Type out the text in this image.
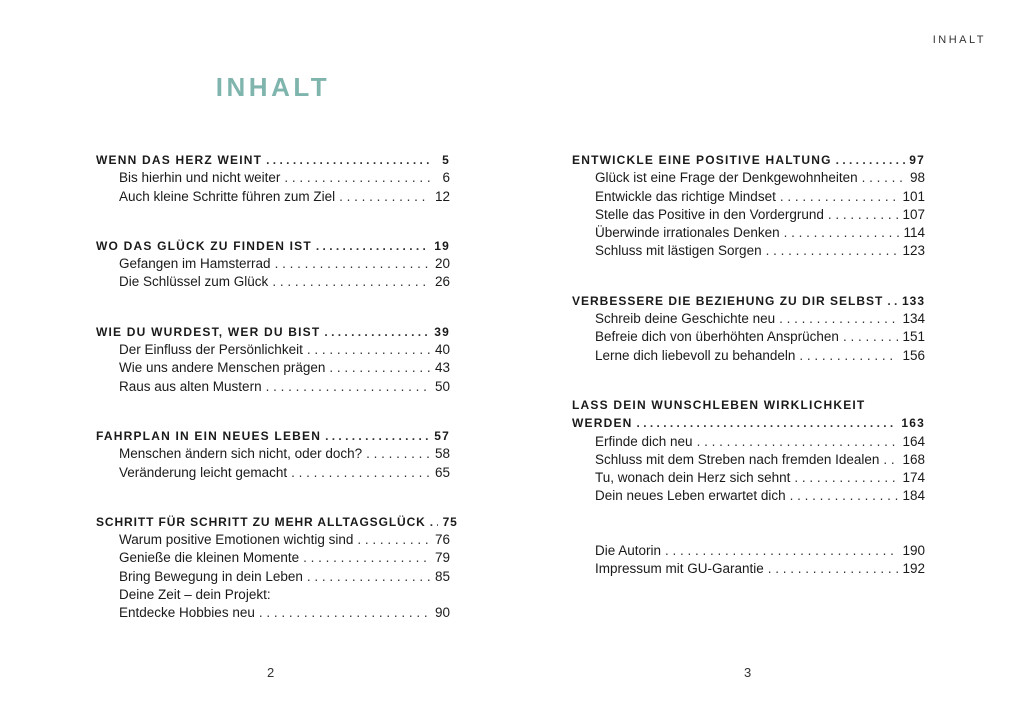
INHALT
INHALT
WENN DAS HERZ WEINT . . .	5
Bis hierhin und nicht weiter . . .	6
Auch kleine Schritte führen zum Ziel . . .	12
WO DAS GLÜCK ZU FINDEN IST . . .	19
Gefangen im Hamsterrad . . .	20
Die Schlüssel zum Glück . . .	26
WIE DU WURDEST, WER DU BIST . . .	39
Der Einfluss der Persönlichkeit . . .	40
Wie uns andere Menschen prägen . . .	43
Raus aus alten Mustern . . .	50
FAHRPLAN IN EIN NEUES LEBEN . . .	57
Menschen ändern sich nicht, oder doch? . . .	58
Veränderung leicht gemacht . . .	65
SCHRITT FÜR SCHRITT ZU MEHR ALLTAGSGLÜCK . . . 75
Warum positive Emotionen wichtig sind . . .	76
Genieße die kleinen Momente . . .	79
Bring Bewegung in dein Leben . . .	85
Deine Zeit – dein Projekt:
Entdecke Hobbies neu . . .	90
ENTWICKLE EINE POSITIVE HALTUNG . . .	97
Glück ist eine Frage der Denkgewohnheiten . . .	98
Entwickle das richtige Mindset . . .	101
Stelle das Positive in den Vordergrund . . .	107
Überwinde irrationales Denken . . .	114
Schluss mit lästigen Sorgen . . .	123
VERBESSERE DIE BEZIEHUNG ZU DIR SELBST . . . 133
Schreib deine Geschichte neu . . .	134
Befreie dich von überhöhten Ansprüchen . . .	151
Lerne dich liebevoll zu behandeln . . .	156
LASS DEIN WUNSCHLEBEN WIRKLICHKEIT
WERDEN . . .	163
Erfinde dich neu . . .	164
Schluss mit dem Streben nach fremden Idealen . . . 168
Tu, wonach dein Herz sich sehnt . . .	174
Dein neues Leben erwartet dich . . .	184
Die Autorin . . .	190
Impressum mit GU-Garantie . . .	192
2	3
